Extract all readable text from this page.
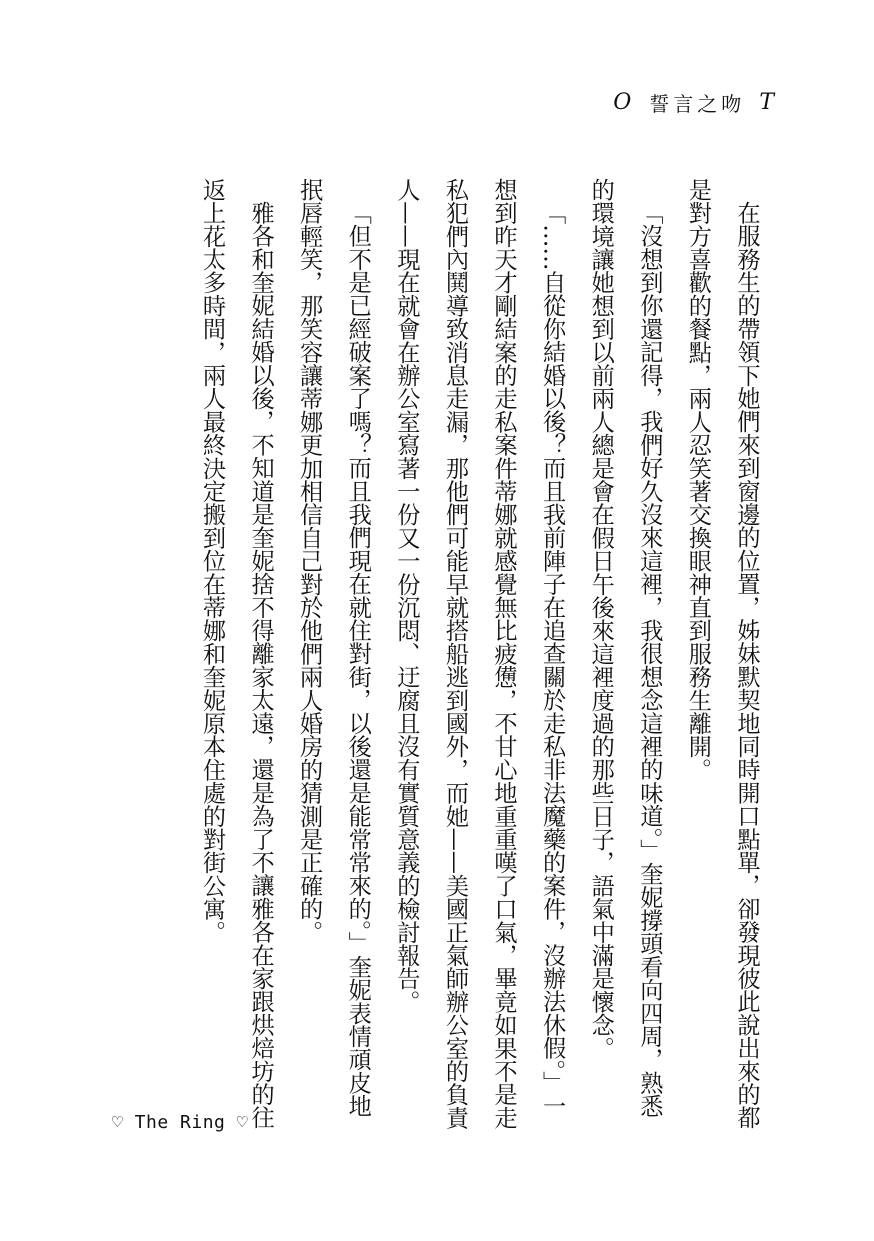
O 誓言之吻 T

在服務生的帶領下她們來到窗邊的位置，姊妹默契地同時開口點單，卻發現彼此說出來的都是對方喜歡的餐點，兩人忍笑著交換眼神直到服務生離開。

「沒想到你還記得，我們好久沒來這裡，我很想念這裡的味道。」奎妮撐頭看向四周，熟悉的環境讓她想到以前兩人總是會在假日午後來這裡度過的那些日子，語氣中滿是懷念。

「……自從你結婚以後？而且我前陣子在追查關於走私非法魔藥的案件，沒辦法休假。」一想到昨天才剛結案的走私案件蒂娜就感覺無比疲憊，不甘心地重重嘆了口氣，畢竟如果不是走私犯們內鬨導致消息走漏，那他們可能早就搭船逃到國外，而她——美國正氣師辦公室的負責人——現在就會在辦公室寫著一份又一份沉悶、迂腐且沒有實質意義的檢討報告。

「但不是已經破案了嗎？而且我們現在就住對街，以後還是能常常來的。」奎妮表情頑皮地抿唇輕笑，那笑容讓蒂娜更加相信自己對於他們兩人婚房的猜測是正確的。

雅各和奎妮結婚以後，不知道是奎妮捨不得離家太遠，還是為了不讓雅各在家跟烘焙坊的往返上花太多時間，兩人最終決定搬到位在蒂娜和奎妮原本住處的對街公寓。

♡ The Ring ♡
